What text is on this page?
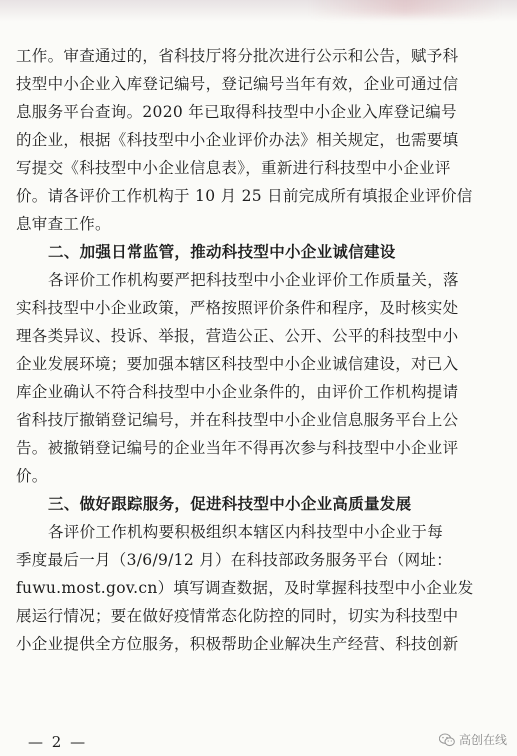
工作。审查通过的，省科技厅将分批次进行公示和公告，赋予科
技型中小企业入库登记编号，登记编号当年有效，企业可通过信
息服务平台查询。2020 年已取得科技型中小企业入库登记编号
的企业，根据《科技型中小企业评价办法》相关规定，也需要填
写提交《科技型中小企业信息表》，重新进行科技型中小企业评
价。请各评价工作机构于 10 月 25 日前完成所有填报企业评价信
息审查工作。
二、加强日常监管，推动科技型中小企业诚信建设
各评价工作机构要严把科技型中小企业评价工作质量关，落
实科技型中小企业政策，严格按照评价条件和程序，及时核实处
理各类异议、投诉、举报，营造公正、公开、公平的科技型中小
企业发展环境；要加强本辖区科技型中小企业诚信建设，对已入
库企业确认不符合科技型中小企业条件的，由评价工作机构提请
省科技厅撤销登记编号，并在科技型中小企业信息服务平台上公
告。被撤销登记编号的企业当年不得再次参与科技型中小企业评
价。
三、做好跟踪服务，促进科技型中小企业高质量发展
各评价工作机构要积极组织本辖区内科技型中小企业于每
季度最后一月（3/6/9/12 月）在科技部政务服务平台（网址：
fuwu.most.gov.cn）填写调查数据，及时掌握科技型中小企业发
展运行情况；要在做好疫情常态化防控的同时，切实为科技型中
小企业提供全方位服务，积极帮助企业解决生产经营、科技创新
— 2 —	高创在线
